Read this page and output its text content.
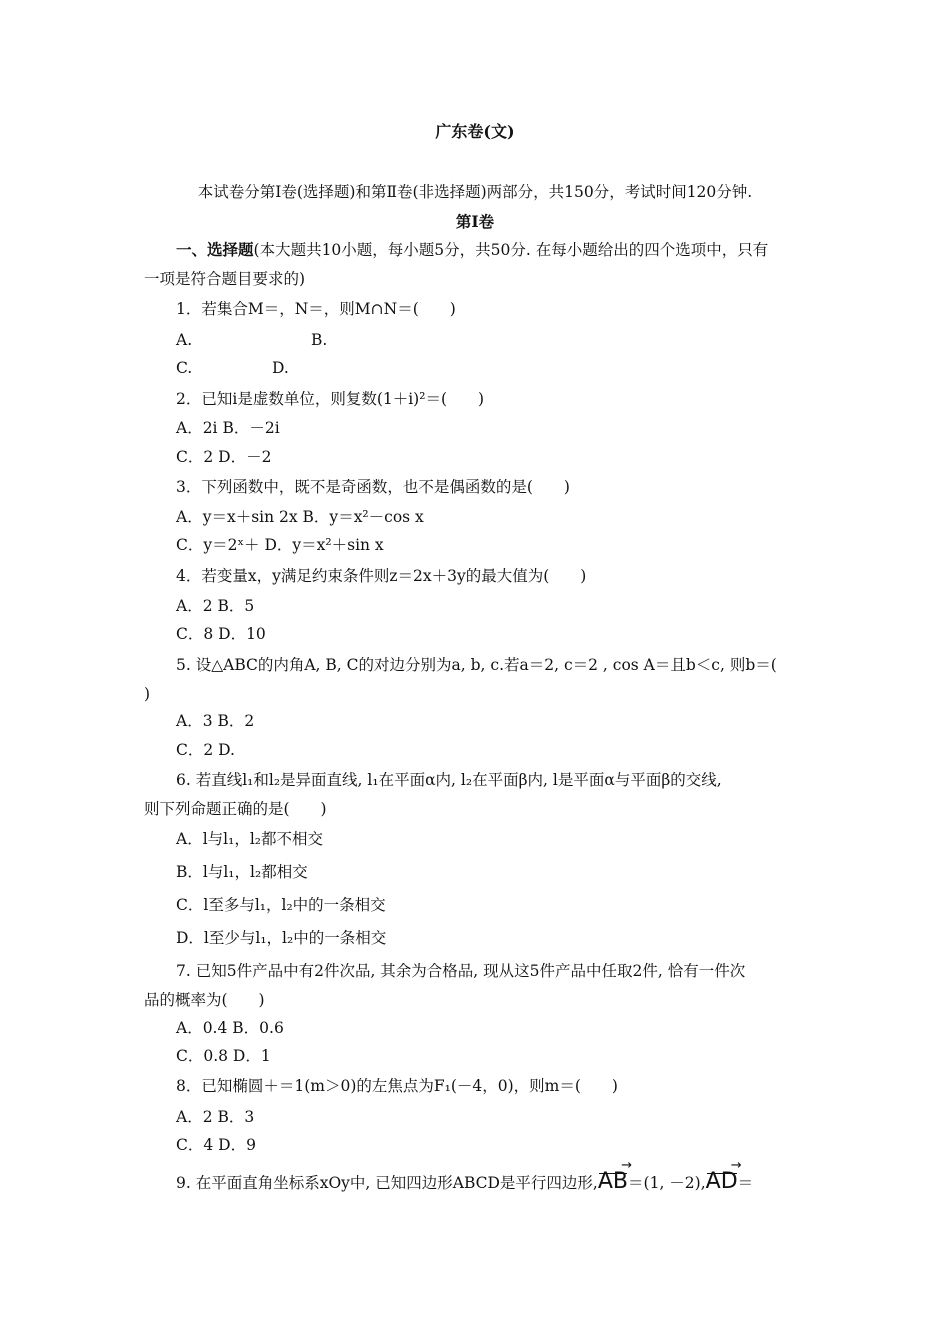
广东卷(文)
本试卷分第Ⅰ卷(选择题)和第Ⅱ卷(非选择题)两部分，共150分，考试时间120分钟.
第Ⅰ卷
一、选择题(本大题共10小题，每小题5分，共50分. 在每小题给出的四个选项中，只有
一项是符合题目要求的)
1．若集合M＝，N＝，则M∩N＝(　　)
A.	B.
C.	D.
2．已知i是虚数单位，则复数(1＋i)²＝(　　)
A．2i B．－2i
C．2 D．－2
3．下列函数中，既不是奇函数，也不是偶函数的是(　　)
A．y＝x＋sin 2x B．y＝x²－cos x
C．y＝2ˣ＋ D．y＝x²＋sin x
4．若变量x，y满足约束条件则z＝2x＋3y的最大值为(　　)
A．2 B．5
C．8 D．10
5. 设△ABC的内角A, B, C的对边分别为a, b, c.若a＝2, c＝2 , cos A＝且b＜c, 则b＝(
)
A．3 B．2
C．2 D.
6. 若直线l₁和l₂是异面直线, l₁在平面α内, l₂在平面β内, l是平面α与平面β的交线,
则下列命题正确的是(　　)
A．l与l₁，l₂都不相交
B．l与l₁，l₂都相交
C．l至多与l₁，l₂中的一条相交
D．l至少与l₁，l₂中的一条相交
7. 已知5件产品中有2件次品, 其余为合格品, 现从这5件产品中任取2件, 恰有一件次
品的概率为(　　)
A．0.4 B．0.6
C．0.8 D．1
8．已知椭圆＋＝1(m＞0)的左焦点为F₁(－4，0)，则m＝(　　)
A．2 B．3
C．4 D．9
9. 在平面直角坐标系xOy中, 已知四边形ABCD是平行四边形,AB →＝(1, －2),AD →＝
